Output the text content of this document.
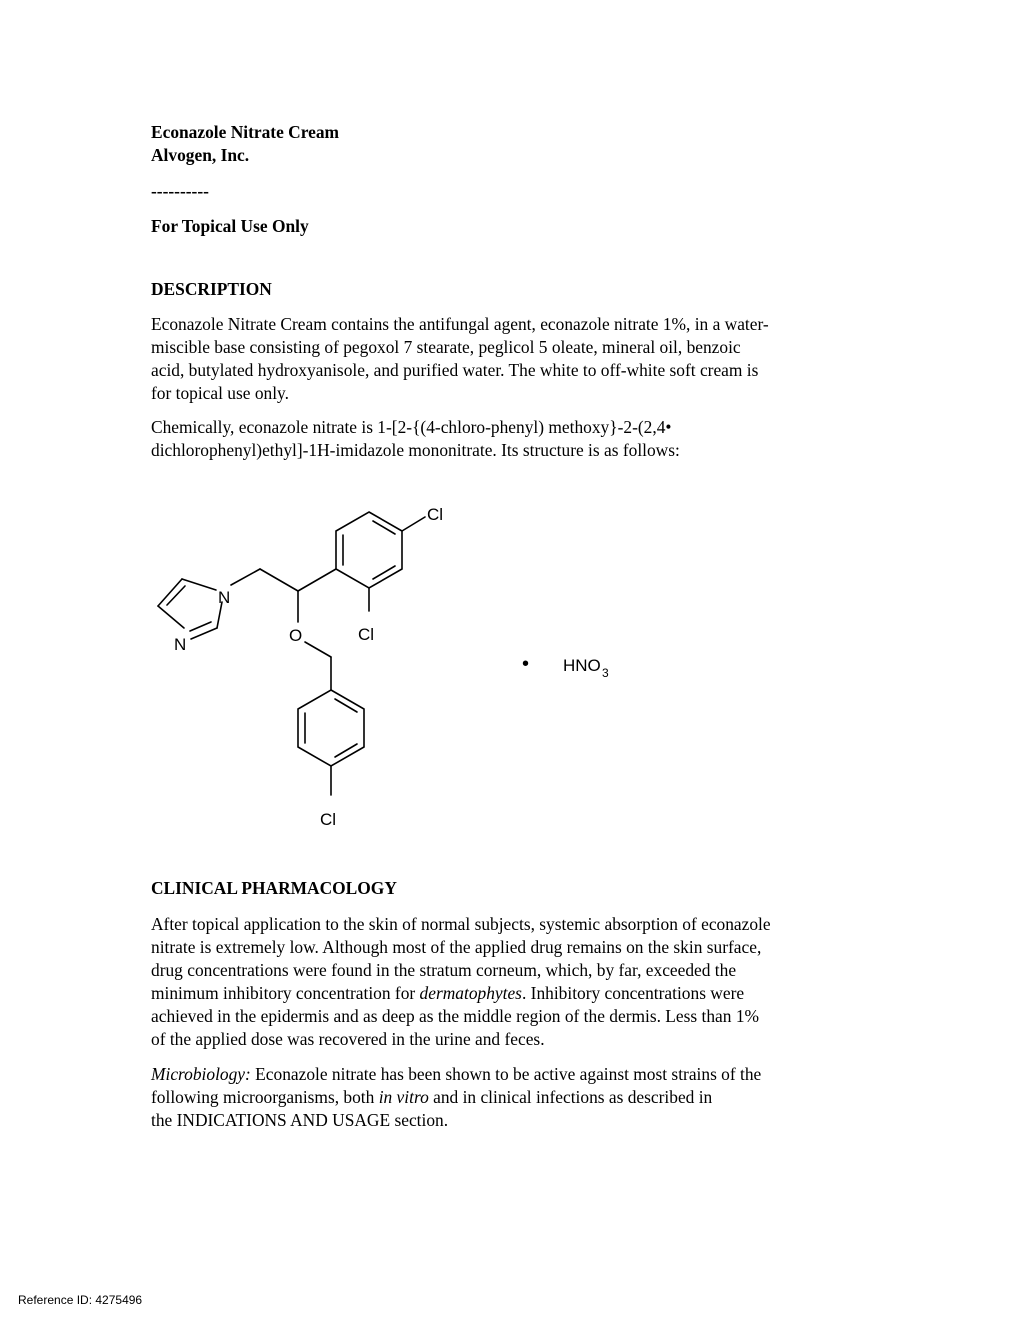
Econazole Nitrate Cream
Alvogen, Inc.

----------

For Topical Use Only

DESCRIPTION

Econazole Nitrate Cream contains the antifungal agent, econazole nitrate 1%, in a water-
miscible base consisting of pegoxol 7 stearate, peglicol 5 oleate, mineral oil, benzoic
acid, butylated hydroxyanisole, and purified water. The white to off-white soft cream is
for topical use only.

Chemically, econazole nitrate is 1-[2-{(4-chloro-phenyl) methoxy}-2-(2,4•
dichlorophenyl)ethyl]-1H-imidazole mononitrate. Its structure is as follows:

Cl
Cl
Cl
N
N	O
• HNO 3

CLINICAL PHARMACOLOGY

After topical application to the skin of normal subjects, systemic absorption of econazole
nitrate is extremely low. Although most of the applied drug remains on the skin surface,
drug concentrations were found in the stratum corneum, which, by far, exceeded the
minimum inhibitory concentration for dermatophytes. Inhibitory concentrations were
achieved in the epidermis and as deep as the middle region of the dermis. Less than 1%
of the applied dose was recovered in the urine and feces.

Microbiology: Econazole nitrate has been shown to be active against most strains of the
following microorganisms, both in vitro and in clinical infections as described in
the INDICATIONS AND USAGE section.

Reference ID: 4275496
